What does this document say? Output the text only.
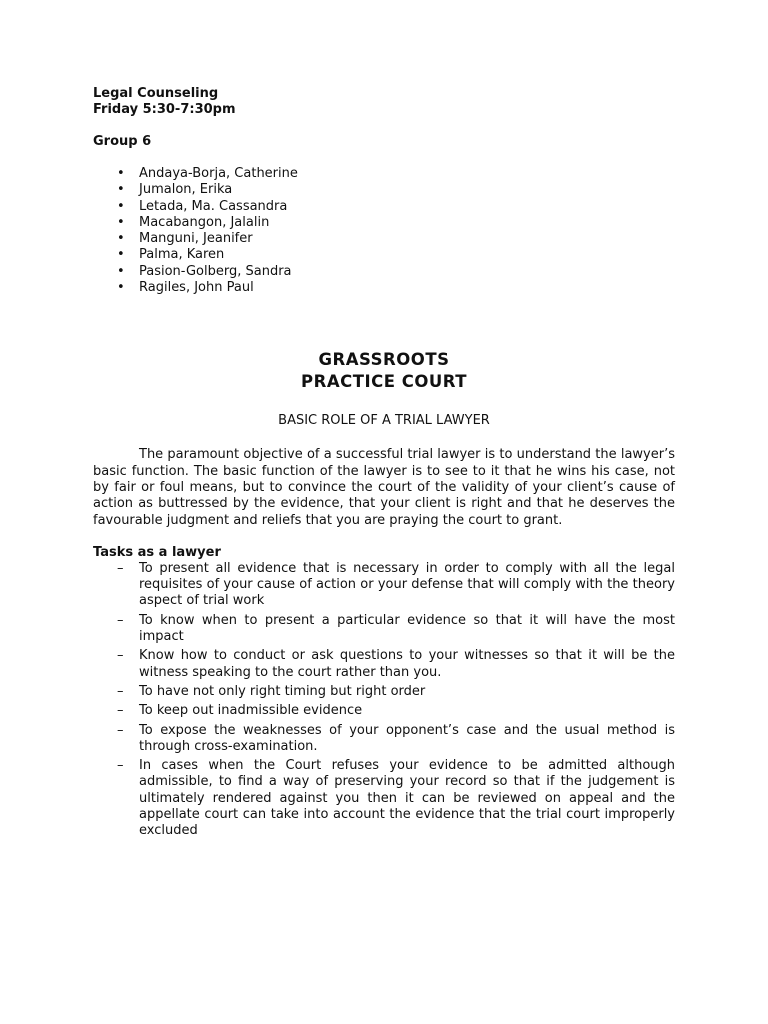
Legal Counseling
Friday 5:30-7:30pm
Group 6
• Andaya-Borja, Catherine
• Jumalon, Erika
• Letada, Ma. Cassandra
• Macabangon, Jalalin
• Manguni, Jeanifer
• Palma, Karen
• Pasion-Golberg, Sandra
• Ragiles, John Paul
GRASSROOTS
PRACTICE COURT
BASIC ROLE OF A TRIAL LAWYER

The paramount objective of a successful trial lawyer is to understand the lawyer’s basic function. The basic function of the lawyer is to see to it that he wins his case, not by fair or foul means, but to convince the court of the validity of your client’s cause of action as buttressed by the evidence, that your client is right and that he deserves the favourable judgment and reliefs that you are praying the court to grant.

Tasks as a lawyer
– To present all evidence that is necessary in order to comply with all the legal requisites of your cause of action or your defense that will comply with the theory aspect of trial work
– To know when to present a particular evidence so that it will have the most impact
– Know how to conduct or ask questions to your witnesses so that it will be the witness speaking to the court rather than you.
– To have not only right timing but right order
– To keep out inadmissible evidence
– To expose the weaknesses of your opponent’s case and the usual method is through cross-examination.
– In cases when the Court refuses your evidence to be admitted although admissible, to find a way of preserving your record so that if the judgement is ultimately rendered against you then it can be reviewed on appeal and the appellate court can take into account the evidence that the trial court improperly excluded
